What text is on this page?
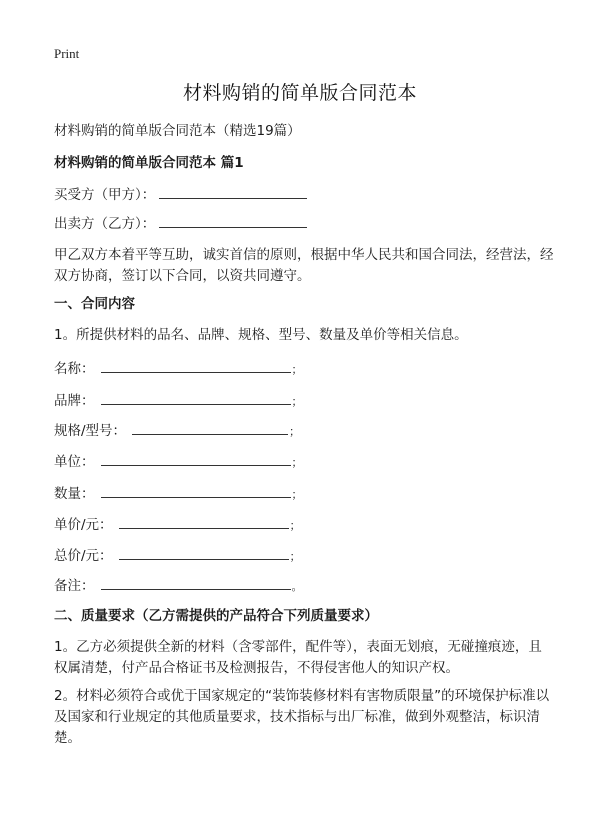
Print
材料购销的简单版合同范本
材料购销的简单版合同范本（精选19篇）
材料购销的简单版合同范本 篇1
买受方（甲方）：
出卖方（乙方）：
甲乙双方本着平等互助，诚实首信的原则，根据中华人民共和国合同法，经营法，经双方协商，签订以下合同，以资共同遵守。
一、合同内容
1。所提供材料的品名、品牌、规格、型号、数量及单价等相关信息。
名称：	；
品牌：	；
规格/型号：	；
单位：	；
数量：	；
单价/元：	；
总价/元：	；
备注：	。
二、质量要求（乙方需提供的产品符合下列质量要求）
1。乙方必须提供全新的材料（含零部件，配件等），表面无划痕，无碰撞痕迹，且权属清楚，付产品合格证书及检测报告，不得侵害他人的知识产权。
2。材料必须符合或优于国家规定的“装饰装修材料有害物质限量”的环境保护标准以及国家和行业规定的其他质量要求，技术指标与出厂标准，做到外观整洁，标识清楚。
